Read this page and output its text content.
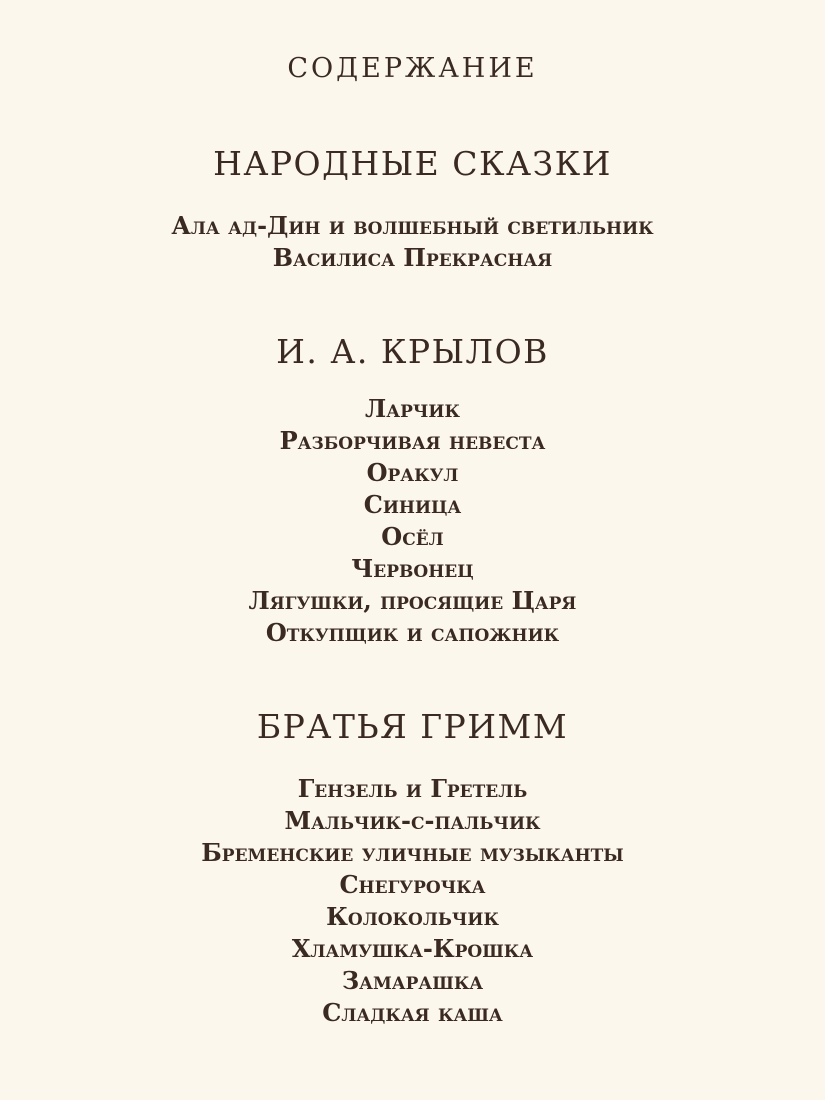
СОДЕРЖАНИЕ
НАРОДНЫЕ СКАЗКИ
Ала ад-Дин и волшебный светильник
Василиса Прекрасная
И. А. КРЫЛОВ
Ларчик
Разборчивая невеста
Оракул
Синица
Осёл
Червонец
Лягушки, просящие Царя
Откупщик и сапожник
БРАТЬЯ ГРИММ
Гензель и Гретель
Мальчик-с-пальчик
Бременские уличные музыканты
Снегурочка
Колокольчик
Хламушка-Крошка
Замарашка
Сладкая каша
